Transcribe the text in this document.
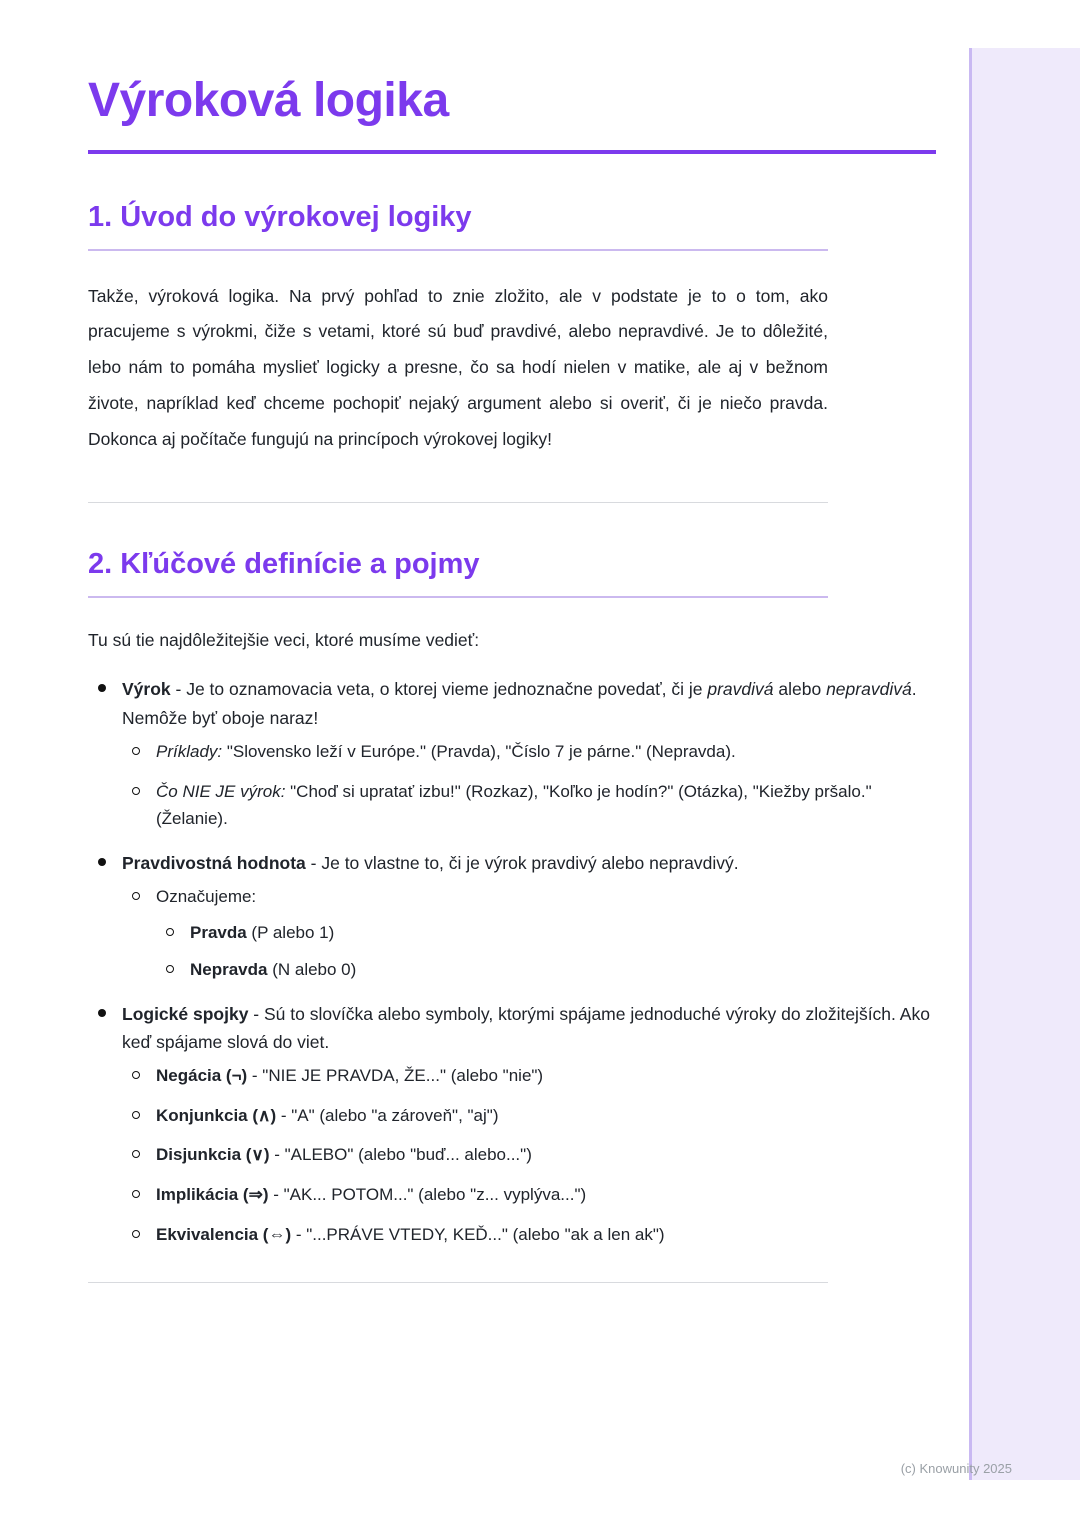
Výroková logika
1. Úvod do výrokovej logiky

Takže, výroková logika. Na prvý pohľad to znie zložito, ale v podstate je to o tom, ako pracujeme s výrokmi, čiže s vetami, ktoré sú buď pravdivé, alebo nepravdivé. Je to dôležité, lebo nám to pomáha myslieť logicky a presne, čo sa hodí nielen v matike, ale aj v bežnom živote, napríklad keď chceme pochopiť nejaký argument alebo si overiť, či je niečo pravda. Dokonca aj počítače fungujú na princípoch výrokovej logiky!

2. Kľúčové definície a pojmy

Tu sú tie najdôležitejšie veci, ktoré musíme vedieť:

Výrok - Je to oznamovacia veta, o ktorej vieme jednoznačne povedať, či je pravdivá alebo nepravdivá. Nemôže byť oboje naraz!
Príklady: "Slovensko leží v Európe." (Pravda), "Číslo 7 je párne." (Nepravda).
Čo NIE JE výrok: "Choď si upratať izbu!" (Rozkaz), "Koľko je hodín?" (Otázka), "Kiežby pršalo." (Želanie).
Pravdivostná hodnota - Je to vlastne to, či je výrok pravdivý alebo nepravdivý.
Označujeme:
Pravda (P alebo 1)
Nepravda (N alebo 0)
Logické spojky - Sú to slovíčka alebo symboly, ktorými spájame jednoduché výroky do zložitejších. Ako keď spájame slová do viet.
Negácia (¬) - "NIE JE PRAVDA, ŽE..." (alebo "nie")
Konjunkcia (∧) - "A" (alebo "a zároveň", "aj")
Disjunkcia (∨) - "ALEBO" (alebo "buď... alebo...")
Implikácia (⇒) - "AK... POTOM..." (alebo "z... vyplýva...")
Ekvivalencia (⇔) - "...PRÁVE VTEDY, KEĎ..." (alebo "ak a len ak")
(c) Knowunity 2025
